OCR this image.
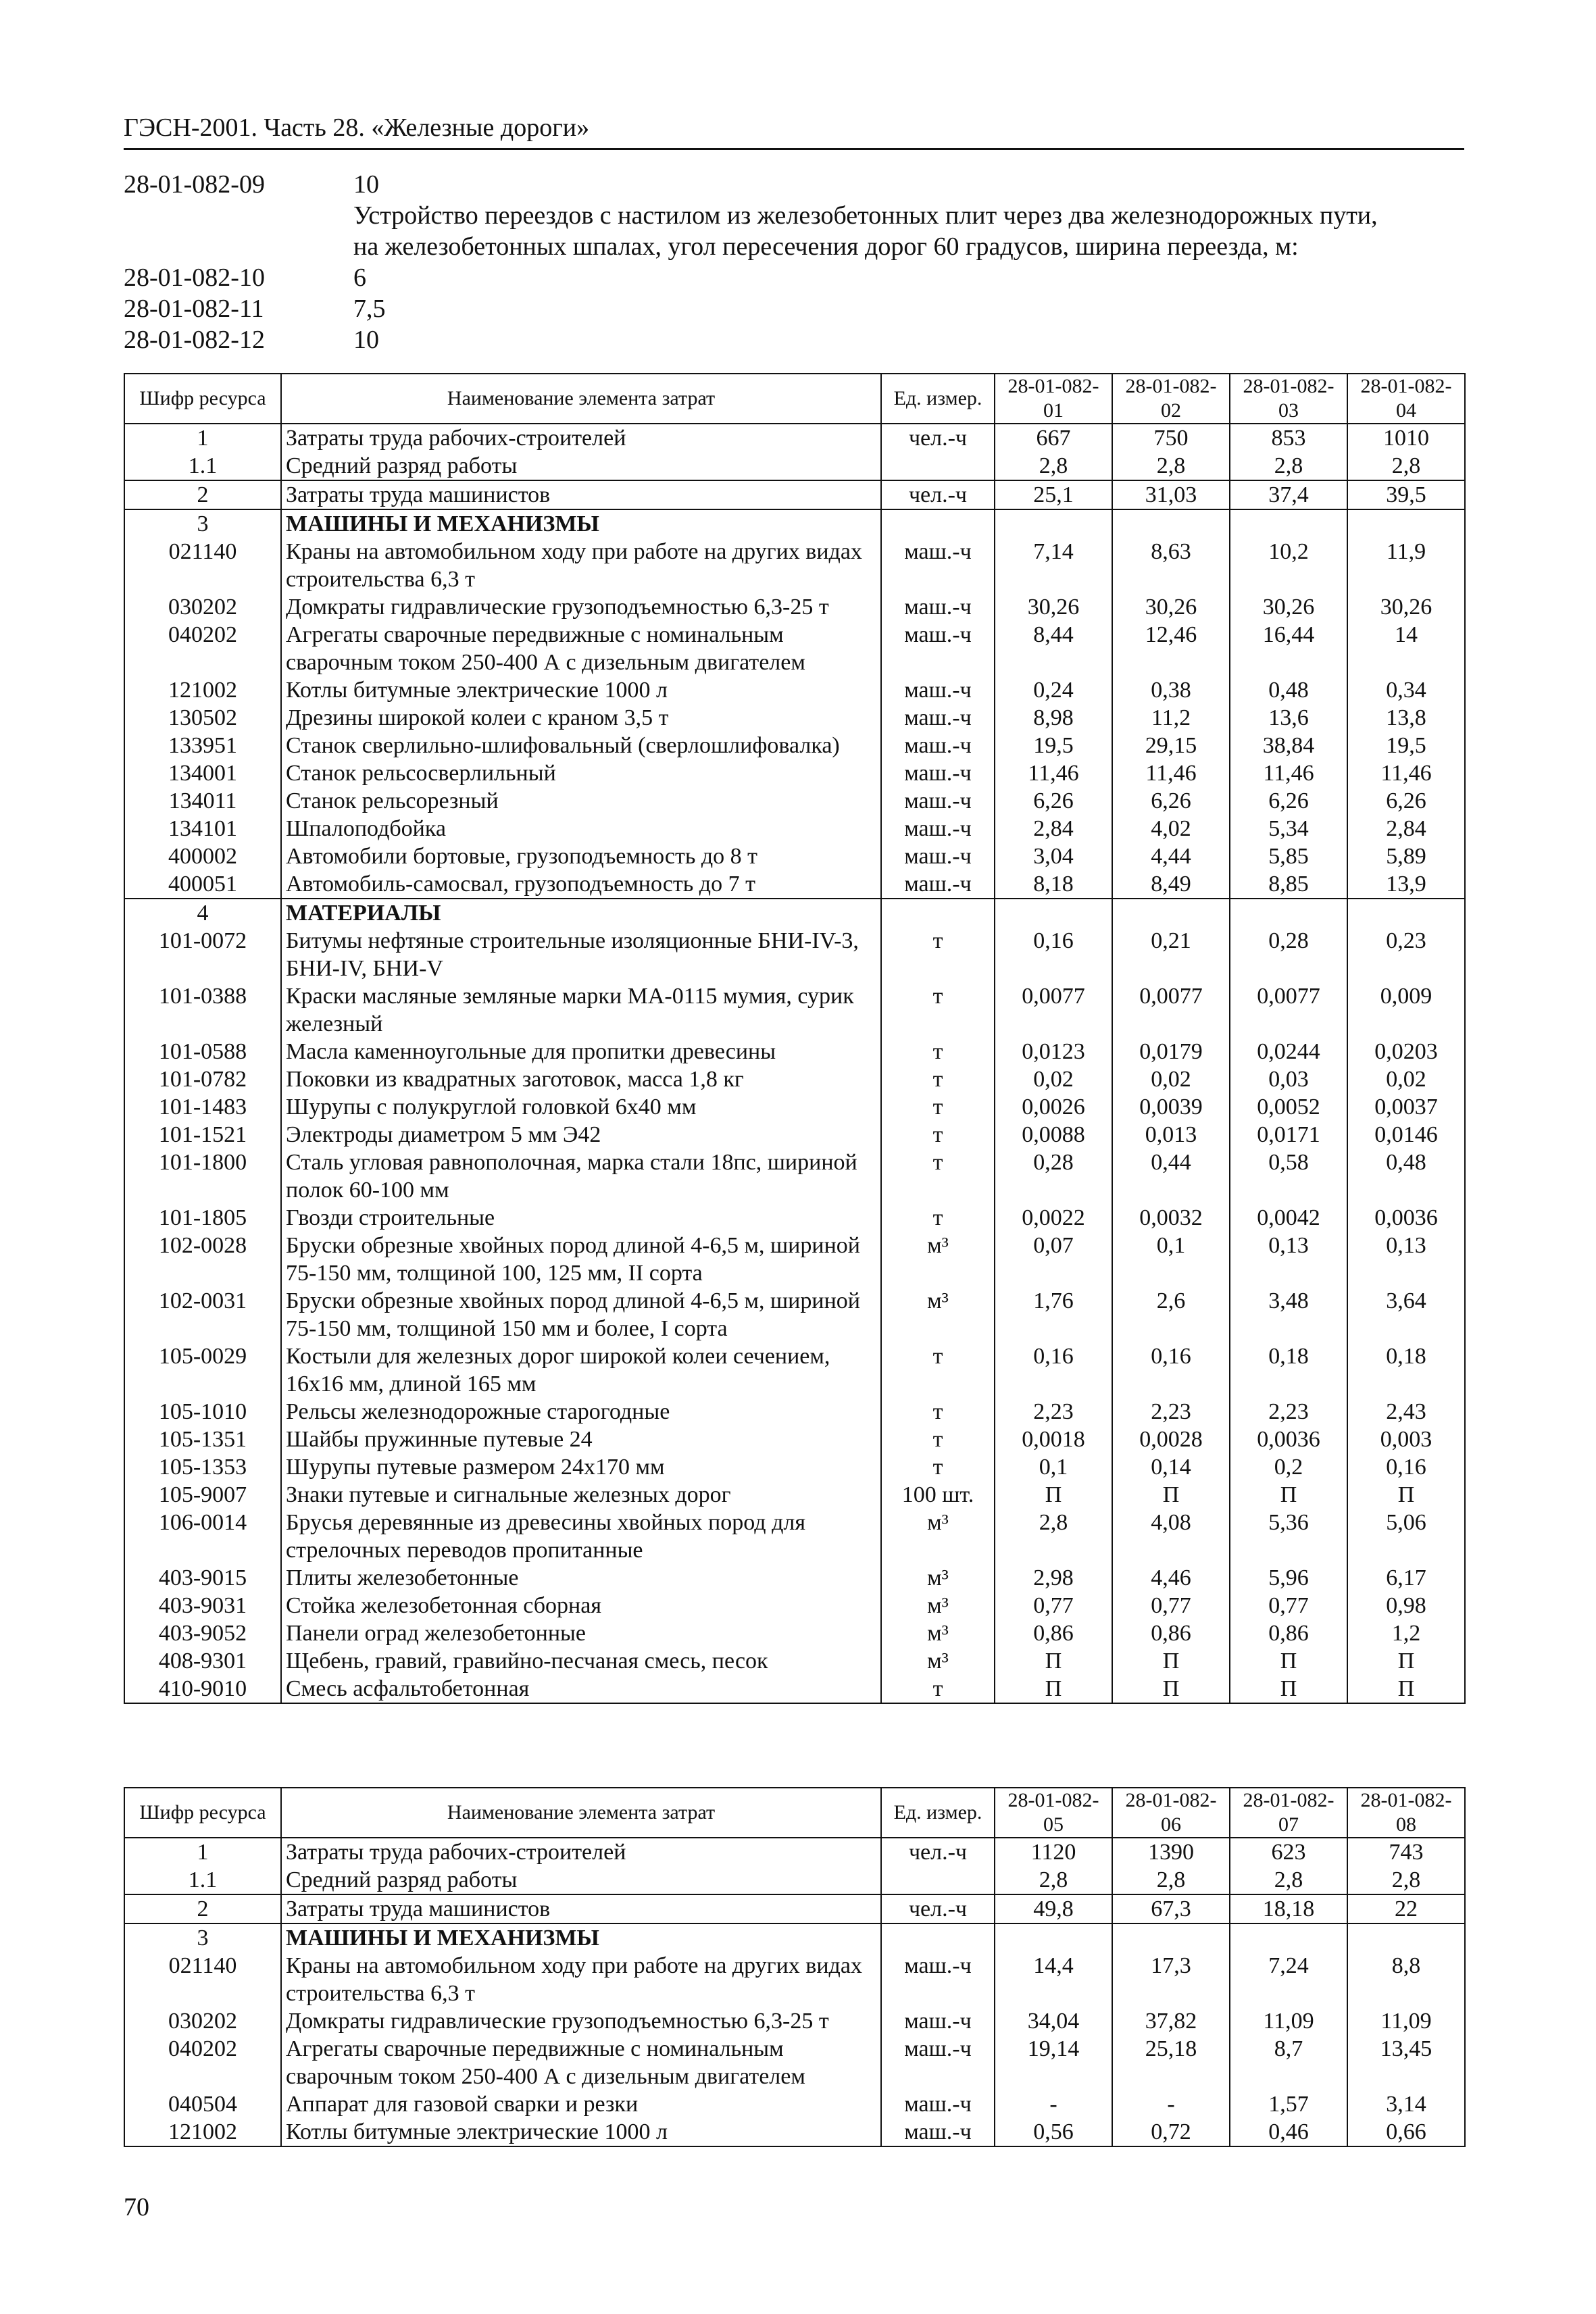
ГЭСН-2001. Часть 28. «Железные дороги»
28-01-082-09	10
Устройство переездов с настилом из железобетонных плит через два железнодорожных пути,
на железобетонных шпалах, угол пересечения дорог 60 градусов, ширина переезда, м:
28-01-082-10	6
28-01-082-11	7,5
28-01-082-12	10
Шифр ресурса	Наименование элемента затрат	Ед. измер.	28-01-082-01	28-01-082-02	28-01-082-03	28-01-082-04
1	Затраты труда рабочих-строителей	чел.-ч	667	750	853	1010
1.1	Средний разряд работы		2,8	2,8	2,8	2,8
2	Затраты труда машинистов	чел.-ч	25,1	31,03	37,4	39,5
3	МАШИНЫ И МЕХАНИЗМЫ					
021140	Краны на автомобильном ходу при работе на других видах строительства 6,3 т	маш.-ч	7,14	8,63	10,2	11,9
030202	Домкраты гидравлические грузоподъемностью 6,3-25 т	маш.-ч	30,26	30,26	30,26	30,26
040202	Агрегаты сварочные передвижные с номинальным сварочным током 250-400 А с дизельным двигателем	маш.-ч	8,44	12,46	16,44	14
121002	Котлы битумные электрические 1000 л	маш.-ч	0,24	0,38	0,48	0,34
130502	Дрезины широкой колеи с краном 3,5 т	маш.-ч	8,98	11,2	13,6	13,8
133951	Станок сверлильно-шлифовальный (сверлошлифовалка)	маш.-ч	19,5	29,15	38,84	19,5
134001	Станок рельсосверлильный	маш.-ч	11,46	11,46	11,46	11,46
134011	Станок рельсорезный	маш.-ч	6,26	6,26	6,26	6,26
134101	Шпалоподбойка	маш.-ч	2,84	4,02	5,34	2,84
400002	Автомобили бортовые, грузоподъемность до 8 т	маш.-ч	3,04	4,44	5,85	5,89
400051	Автомобиль-самосвал, грузоподъемность до 7 т	маш.-ч	8,18	8,49	8,85	13,9
4	МАТЕРИАЛЫ					
101-0072	Битумы нефтяные строительные изоляционные БНИ-IV-3, БНИ-IV, БНИ-V	т	0,16	0,21	0,28	0,23
101-0388	Краски масляные земляные марки МА-0115 мумия, сурик железный	т	0,0077	0,0077	0,0077	0,009
101-0588	Масла каменноугольные для пропитки древесины	т	0,0123	0,0179	0,0244	0,0203
101-0782	Поковки из квадратных заготовок, масса 1,8 кг	т	0,02	0,02	0,03	0,02
101-1483	Шурупы с полукруглой головкой 6х40 мм	т	0,0026	0,0039	0,0052	0,0037
101-1521	Электроды диаметром 5 мм Э42	т	0,0088	0,013	0,0171	0,0146
101-1800	Сталь угловая равнополочная, марка стали 18пс, шириной полок 60-100 мм	т	0,28	0,44	0,58	0,48
101-1805	Гвозди строительные	т	0,0022	0,0032	0,0042	0,0036
102-0028	Бруски обрезные хвойных пород длиной 4-6,5 м, шириной 75-150 мм, толщиной 100, 125 мм, II сорта	м³	0,07	0,1	0,13	0,13
102-0031	Бруски обрезные хвойных пород длиной 4-6,5 м, шириной 75-150 мм, толщиной 150 мм и более, I сорта	м³	1,76	2,6	3,48	3,64
105-0029	Костыли для железных дорог широкой колеи сечением, 16х16 мм, длиной 165 мм	т	0,16	0,16	0,18	0,18
105-1010	Рельсы железнодорожные старогодные	т	2,23	2,23	2,23	2,43
105-1351	Шайбы пружинные путевые 24	т	0,0018	0,0028	0,0036	0,003
105-1353	Шурупы путевые размером 24х170 мм	т	0,1	0,14	0,2	0,16
105-9007	Знаки путевые и сигнальные железных дорог	100 шт.	П	П	П	П
106-0014	Брусья деревянные из древесины хвойных пород для стрелочных переводов пропитанные	м³	2,8	4,08	5,36	5,06
403-9015	Плиты железобетонные	м³	2,98	4,46	5,96	6,17
403-9031	Стойка железобетонная сборная	м³	0,77	0,77	0,77	0,98
403-9052	Панели оград железобетонные	м³	0,86	0,86	0,86	1,2
408-9301	Щебень, гравий, гравийно-песчаная смесь, песок	м³	П	П	П	П
410-9010	Смесь асфальтобетонная	т	П	П	П	П
Шифр ресурса	Наименование элемента затрат	Ед. измер.	28-01-082-05	28-01-082-06	28-01-082-07	28-01-082-08
1	Затраты труда рабочих-строителей	чел.-ч	1120	1390	623	743
1.1	Средний разряд работы		2,8	2,8	2,8	2,8
2	Затраты труда машинистов	чел.-ч	49,8	67,3	18,18	22
3	МАШИНЫ И МЕХАНИЗМЫ					
021140	Краны на автомобильном ходу при работе на других видах строительства 6,3 т	маш.-ч	14,4	17,3	7,24	8,8
030202	Домкраты гидравлические грузоподъемностью 6,3-25 т	маш.-ч	34,04	37,82	11,09	11,09
040202	Агрегаты сварочные передвижные с номинальным сварочным током 250-400 А с дизельным двигателем	маш.-ч	19,14	25,18	8,7	13,45
040504	Аппарат для газовой сварки и резки	маш.-ч	-	-	1,57	3,14
121002	Котлы битумные электрические 1000 л	маш.-ч	0,56	0,72	0,46	0,66
70
